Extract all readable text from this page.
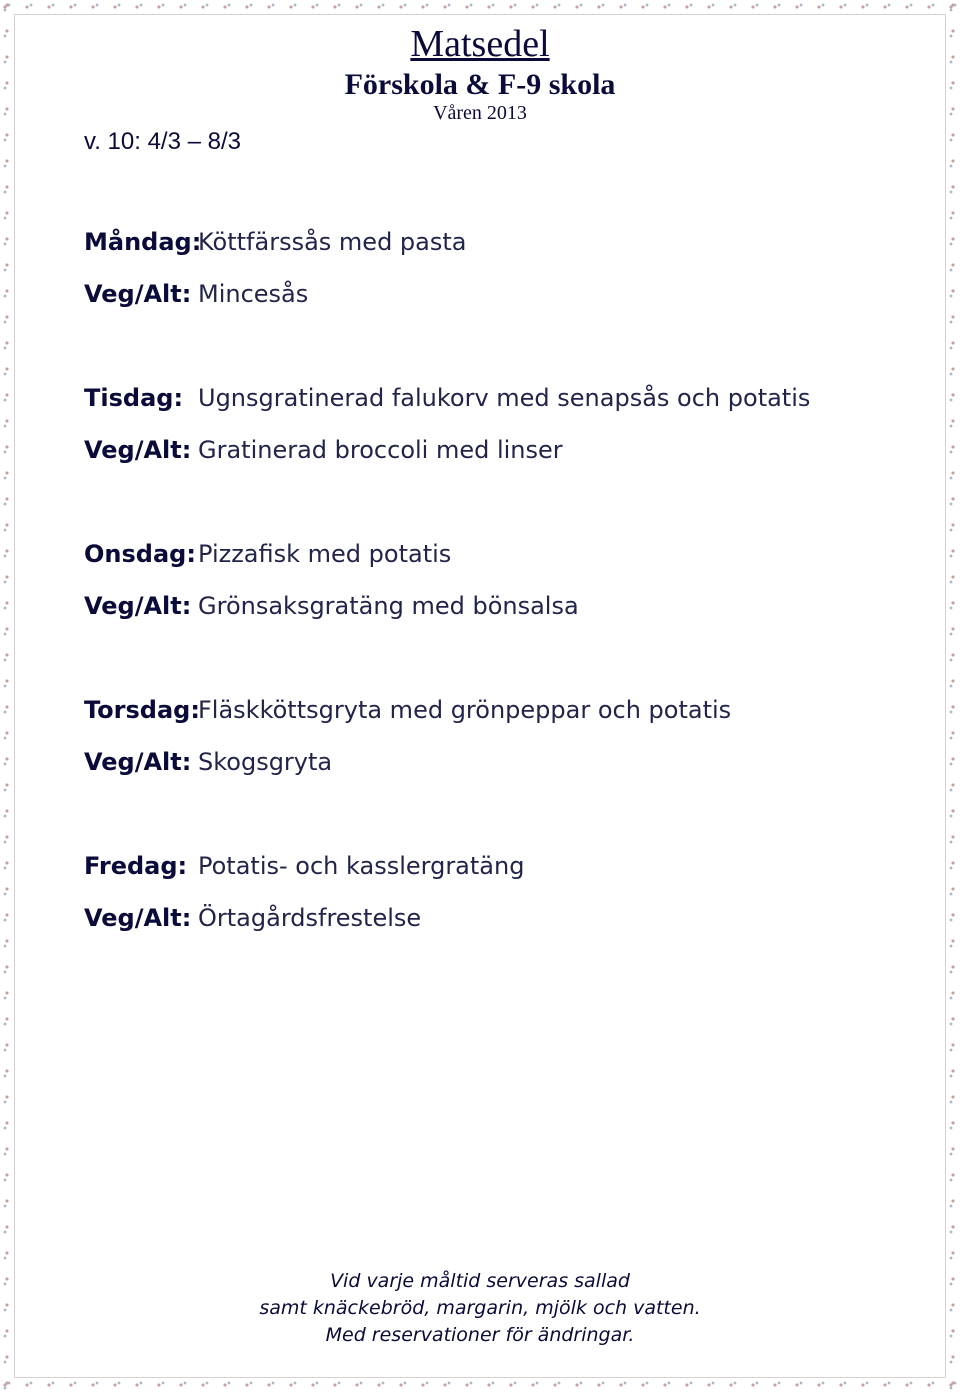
Matsedel
Förskola & F-9 skola
Våren 2013
v. 10: 4/3 – 8/3
Måndag:
Köttfärssås med pasta
Veg/Alt: Mincesås
Tisdag: Ugnsgratinerad falukorv med senapsås och potatis
Veg/Alt: Gratinerad broccoli med linser
Onsdag: Pizzafisk med potatis
Veg/Alt: Grönsaksgratäng med bönsalsa
Torsdag:
Fläskköttsgryta med grönpeppar och potatis
Veg/Alt: Skogsgryta
Fredag: Potatis- och kasslergratäng
Veg/Alt: Örtagårdsfrestelse
Vid varje måltid serveras sallad
samt knäckebröd, margarin, mjölk och vatten.
Med reservationer för ändringar.
